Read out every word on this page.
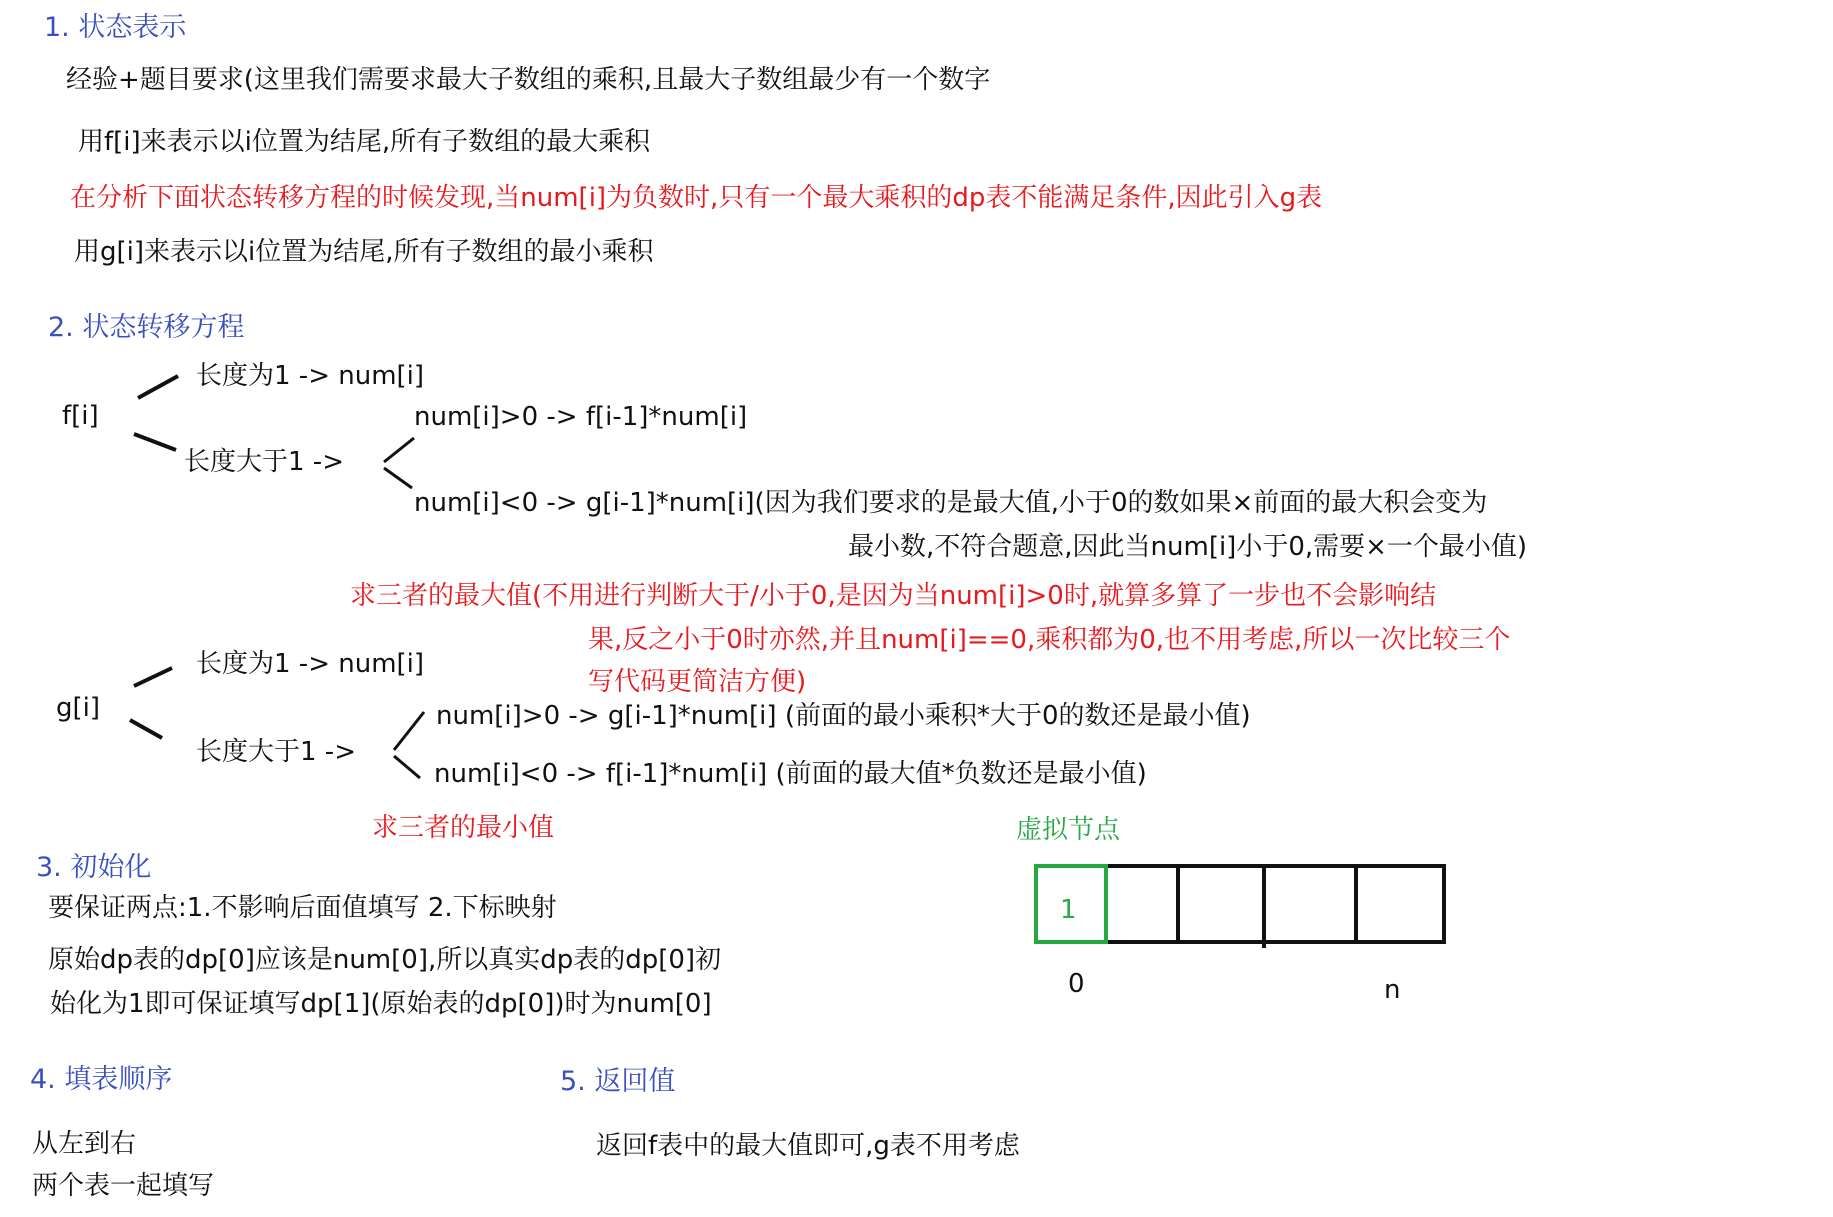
1. 状态表示
经验+题目要求(这里我们需要求最大子数组的乘积,且最大子数组最少有一个数字
用f[i]来表示以i位置为结尾,所有子数组的最大乘积
在分析下面状态转移方程的时候发现,当num[i]为负数时,只有一个最大乘积的dp表不能满足条件,因此引入g表
用g[i]来表示以i位置为结尾,所有子数组的最小乘积
2. 状态转移方程
f[i]
长度为1 -> num[i]
长度大于1 ->
num[i]>0 -> f[i-1]*num[i]
num[i]<0 -> g[i-1]*num[i](因为我们要求的是最大值,小于0的数如果×前面的最大积会变为
最小数,不符合题意,因此当num[i]小于0,需要×一个最小值)
求三者的最大值(不用进行判断大于/小于0,是因为当num[i]>0时,就算多算了一步也不会影响结
果,反之小于0时亦然,并且num[i]==0,乘积都为0,也不用考虑,所以一次比较三个
写代码更简洁方便)
g[i]
长度为1 -> num[i]
长度大于1 ->
num[i]>0 -> g[i-1]*num[i] (前面的最小乘积*大于0的数还是最小值)
num[i]<0 -> f[i-1]*num[i] (前面的最大值*负数还是最小值)
求三者的最小值
3. 初始化
要保证两点:1.不影响后面值填写 2.下标映射
原始dp表的dp[0]应该是num[0],所以真实dp表的dp[0]初
始化为1即可保证填写dp[1](原始表的dp[0])时为num[0]
虚拟节点
1
0	n
4. 填表顺序
从左到右
两个表一起填写
5. 返回值
返回f表中的最大值即可,g表不用考虑
